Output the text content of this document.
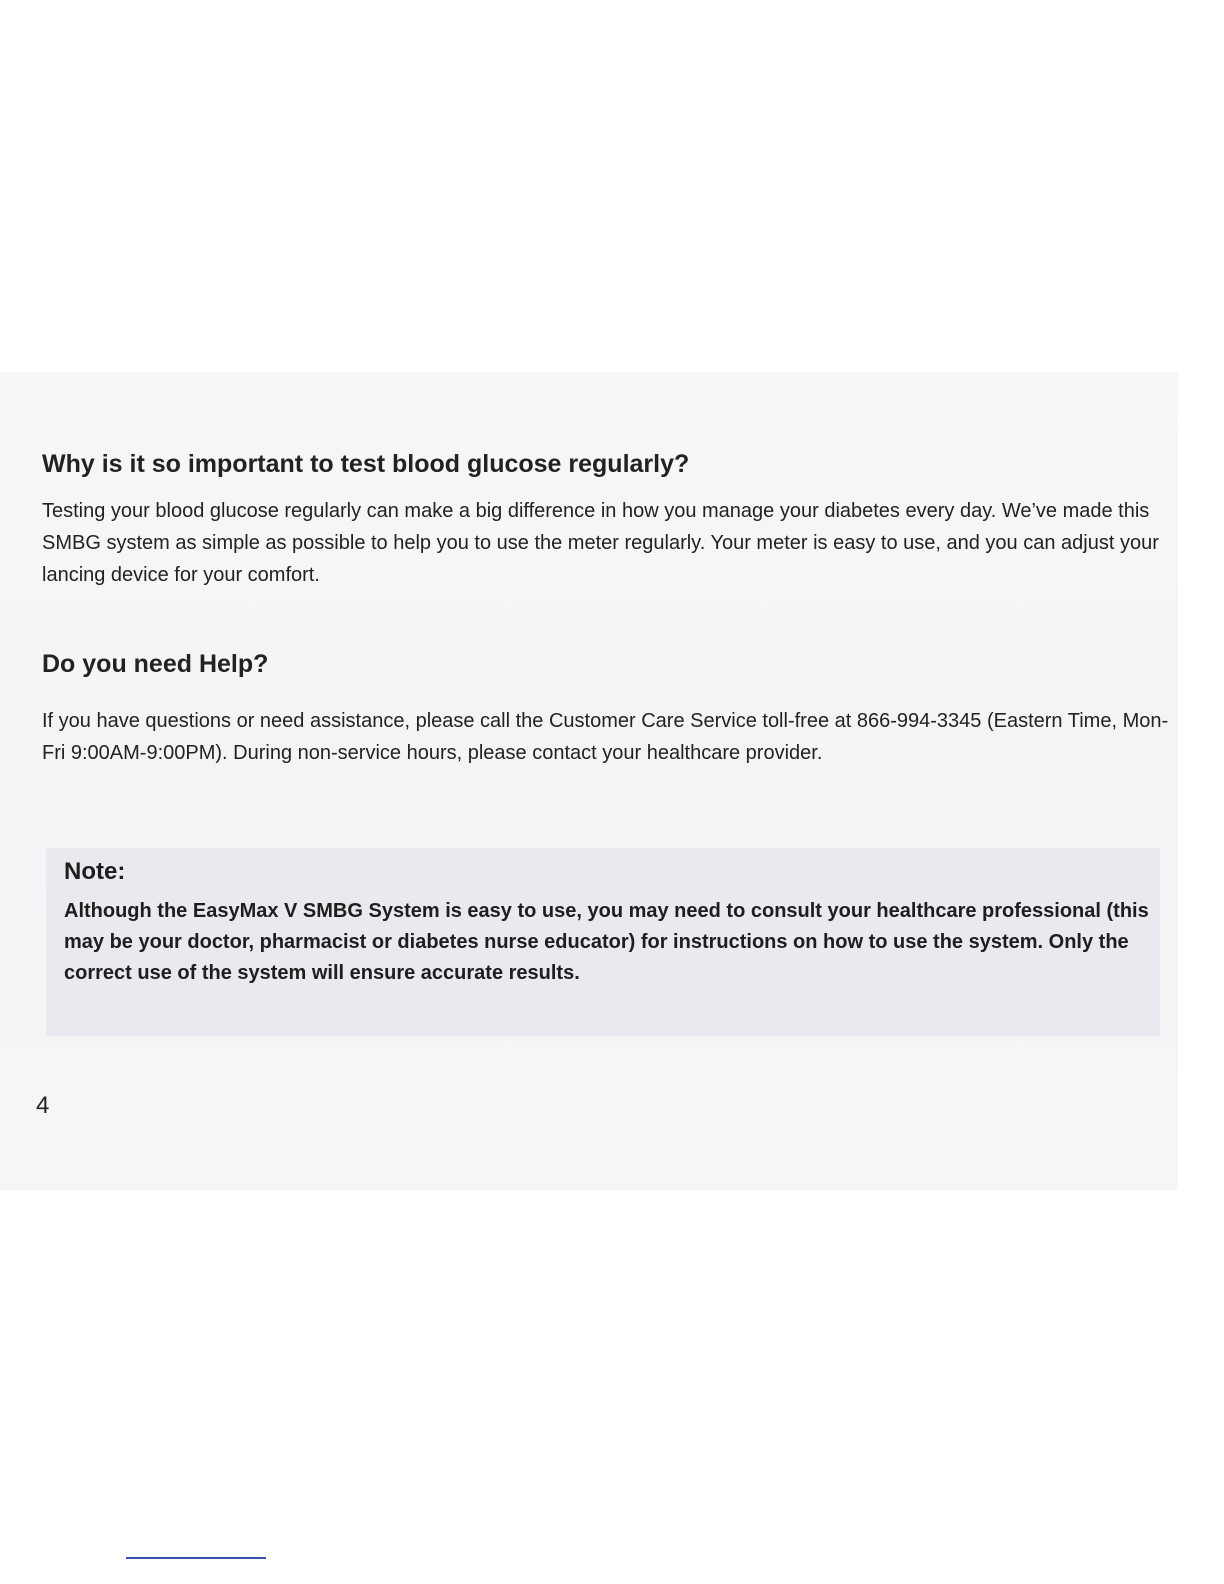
Why is it so important to test blood glucose regularly?

Testing your blood glucose regularly can make a big difference in how you manage your diabetes every day. We’ve made this SMBG system as simple as possible to help you to use the meter regularly. Your meter is easy to use, and you can adjust your lancing device for your comfort.

Do you need Help?

If you have questions or need assistance, please call the Customer Care Service toll-free at 866-994-3345 (Eastern Time, Mon-Fri 9:00AM-9:00PM). During non-service hours, please contact your healthcare provider.

Note:

Although the EasyMax V SMBG System is easy to use, you may need to consult your healthcare professional (this may be your doctor, pharmacist or diabetes nurse educator) for instructions on how to use the system. Only the correct use of the system will ensure accurate results.

4
